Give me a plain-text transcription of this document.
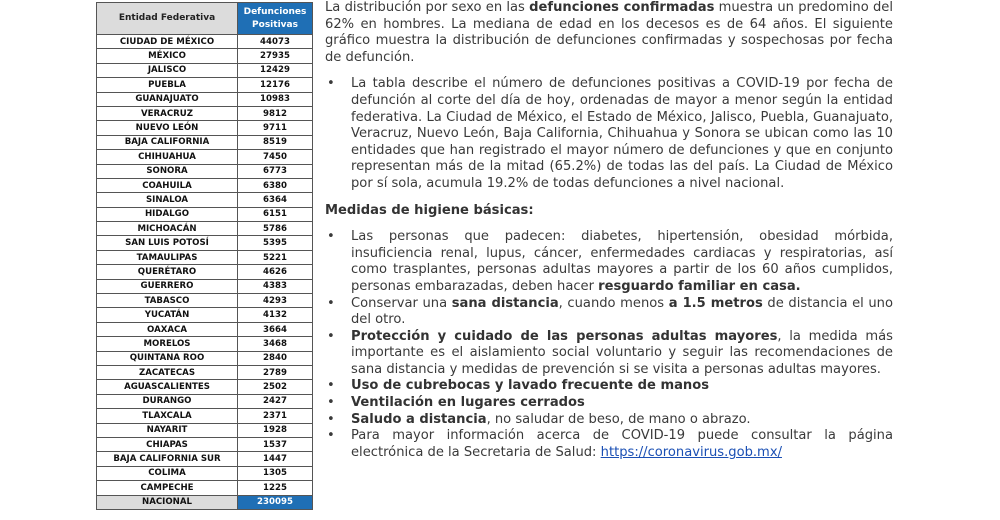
Entidad Federativa	Defunciones
Positivas
CIUDAD DE MÉXICO	44073
MÉXICO	27935
JALISCO	12429
PUEBLA	12176
GUANAJUATO	10983
VERACRUZ	9812
NUEVO LEÓN	9711
BAJA CALIFORNIA	8519
CHIHUAHUA	7450
SONORA	6773
COAHUILA	6380
SINALOA	6364
HIDALGO	6151
MICHOACÁN	5786
SAN LUIS POTOSÍ	5395
TAMAULIPAS	5221
QUERÉTARO	4626
GUERRERO	4383
TABASCO	4293
YUCATÁN	4132
OAXACA	3664
MORELOS	3468
QUINTANA ROO	2840
ZACATECAS	2789
AGUASCALIENTES	2502
DURANGO	2427
TLAXCALA	2371
NAYARIT	1928
CHIAPAS	1537
BAJA CALIFORNIA SUR	1447
COLIMA	1305
CAMPECHE	1225
NACIONAL	230095

La distribución por sexo en las defunciones confirmadas muestra un predomino del 62% en hombres. La mediana de edad en los decesos es de 64 años. El siguiente gráfico muestra la distribución de defunciones confirmadas y sospechosas por fecha de defunción.

• La tabla describe el número de defunciones positivas a COVID-19 por fecha de defunción al corte del día de hoy, ordenadas de mayor a menor según la entidad federativa. La Ciudad de México, el Estado de México, Jalisco, Puebla, Guanajuato, Veracruz, Nuevo León, Baja California, Chihuahua y Sonora se ubican como las 10 entidades que han registrado el mayor número de defunciones y que en conjunto representan más de la mitad (65.2%) de todas las del país. La Ciudad de México por sí sola, acumula 19.2% de todas defunciones a nivel nacional.

Medidas de higiene básicas:

• Las personas que padecen: diabetes, hipertensión, obesidad mórbida, insuficiencia renal, lupus, cáncer, enfermedades cardiacas y respiratorias, así como trasplantes, personas adultas mayores a partir de los 60 años cumplidos, personas embarazadas, deben hacer resguardo familiar en casa.

• Conservar una sana distancia, cuando menos a 1.5 metros de distancia el uno del otro.

• Protección y cuidado de las personas adultas mayores, la medida más importante es el aislamiento social voluntario y seguir las recomendaciones de sana distancia y medidas de prevención si se visita a personas adultas mayores.

• Uso de cubrebocas y lavado frecuente de manos

• Ventilación en lugares cerrados

• Saludo a distancia, no saludar de beso, de mano o abrazo.

• Para mayor información acerca de COVID-19 puede consultar la página electrónica de la Secretaria de Salud: https://coronavirus.gob.mx/
